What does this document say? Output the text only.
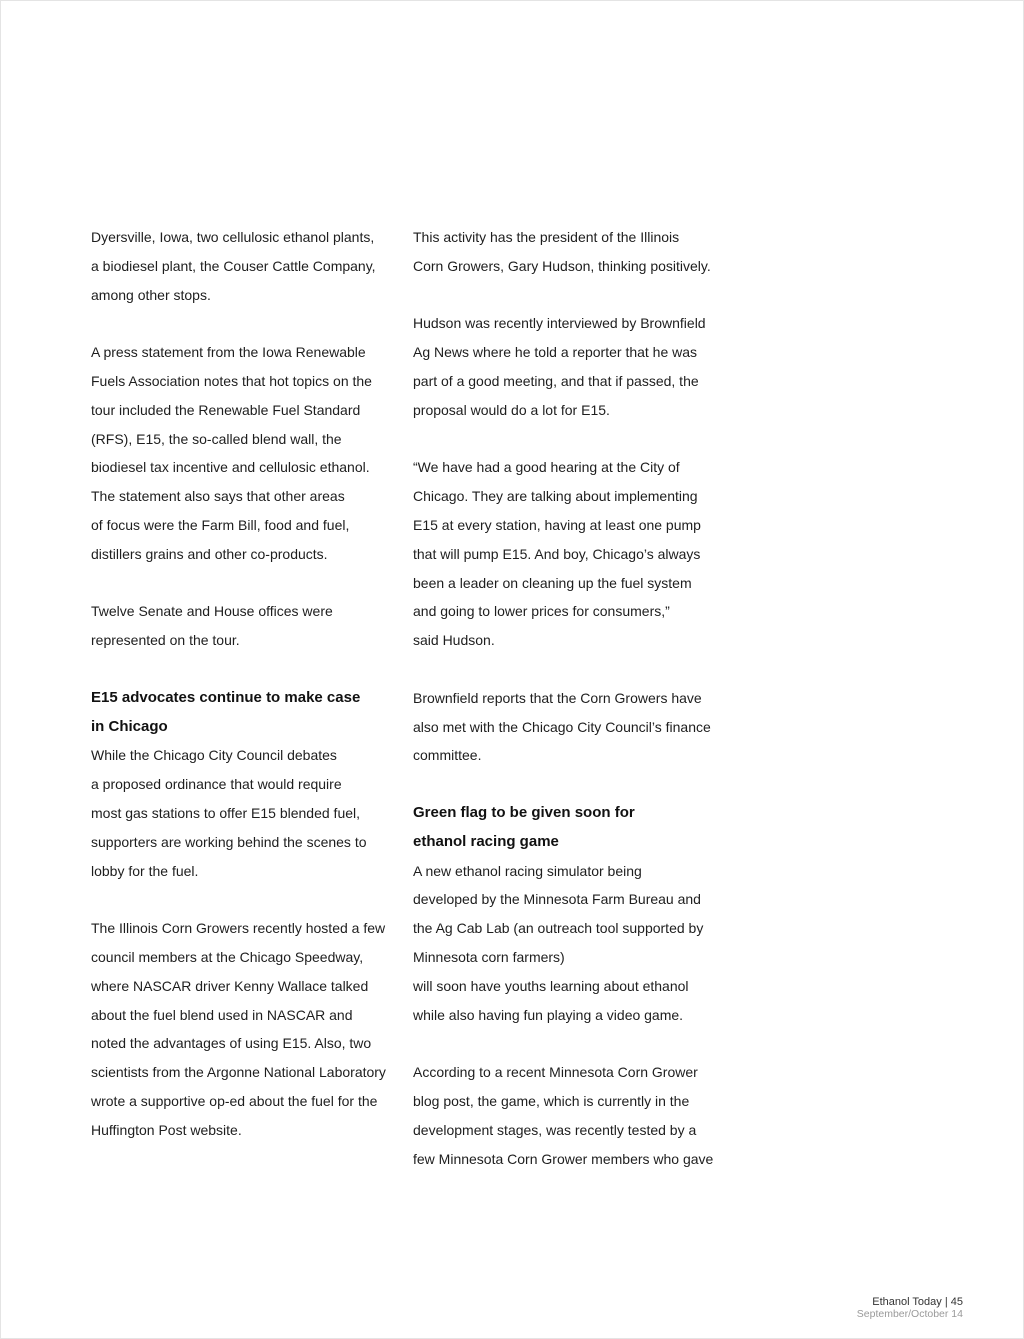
Dyersville, Iowa, two cellulosic ethanol plants,
a biodiesel plant, the Couser Cattle Company,
among other stops.
A press statement from the Iowa Renewable
Fuels Association notes that hot topics on the
tour included the Renewable Fuel Standard
(RFS), E15, the so-called blend wall, the
biodiesel tax incentive and cellulosic ethanol.
The statement also says that other areas
of focus were the Farm Bill, food and fuel,
distillers grains and other co-products.
Twelve Senate and House offices were
represented on the tour.
E15 advocates continue to make case
in Chicago
While the Chicago City Council debates
a proposed ordinance that would require
most gas stations to offer E15 blended fuel,
supporters are working behind the scenes to
lobby for the fuel.
The Illinois Corn Growers recently hosted a few
council members at the Chicago Speedway,
where NASCAR driver Kenny Wallace talked
about the fuel blend used in NASCAR and
noted the advantages of using E15. Also, two
scientists from the Argonne National Laboratory
wrote a supportive op-ed about the fuel for the
Huffington Post website.
This activity has the president of the Illinois
Corn Growers, Gary Hudson, thinking positively.
Hudson was recently interviewed by Brownfield
Ag News where he told a reporter that he was
part of a good meeting, and that if passed, the
proposal would do a lot for E15.
“We have had a good hearing at the City of
Chicago. They are talking about implementing
E15 at every station, having at least one pump
that will pump E15. And boy, Chicago’s always
been a leader on cleaning up the fuel system
and going to lower prices for consumers,”
said Hudson.
Brownfield reports that the Corn Growers have
also met with the Chicago City Council’s finance
committee.
Green flag to be given soon for
ethanol racing game
A new ethanol racing simulator being
developed by the Minnesota Farm Bureau and
the Ag Cab Lab (an outreach tool supported by
Minnesota corn farmers)
will soon have youths learning about ethanol
while also having fun playing a video game.
According to a recent Minnesota Corn Grower
blog post, the game, which is currently in the
development stages, was recently tested by a
few Minnesota Corn Grower members who gave
Ethanol Today | 45
September/October 14
